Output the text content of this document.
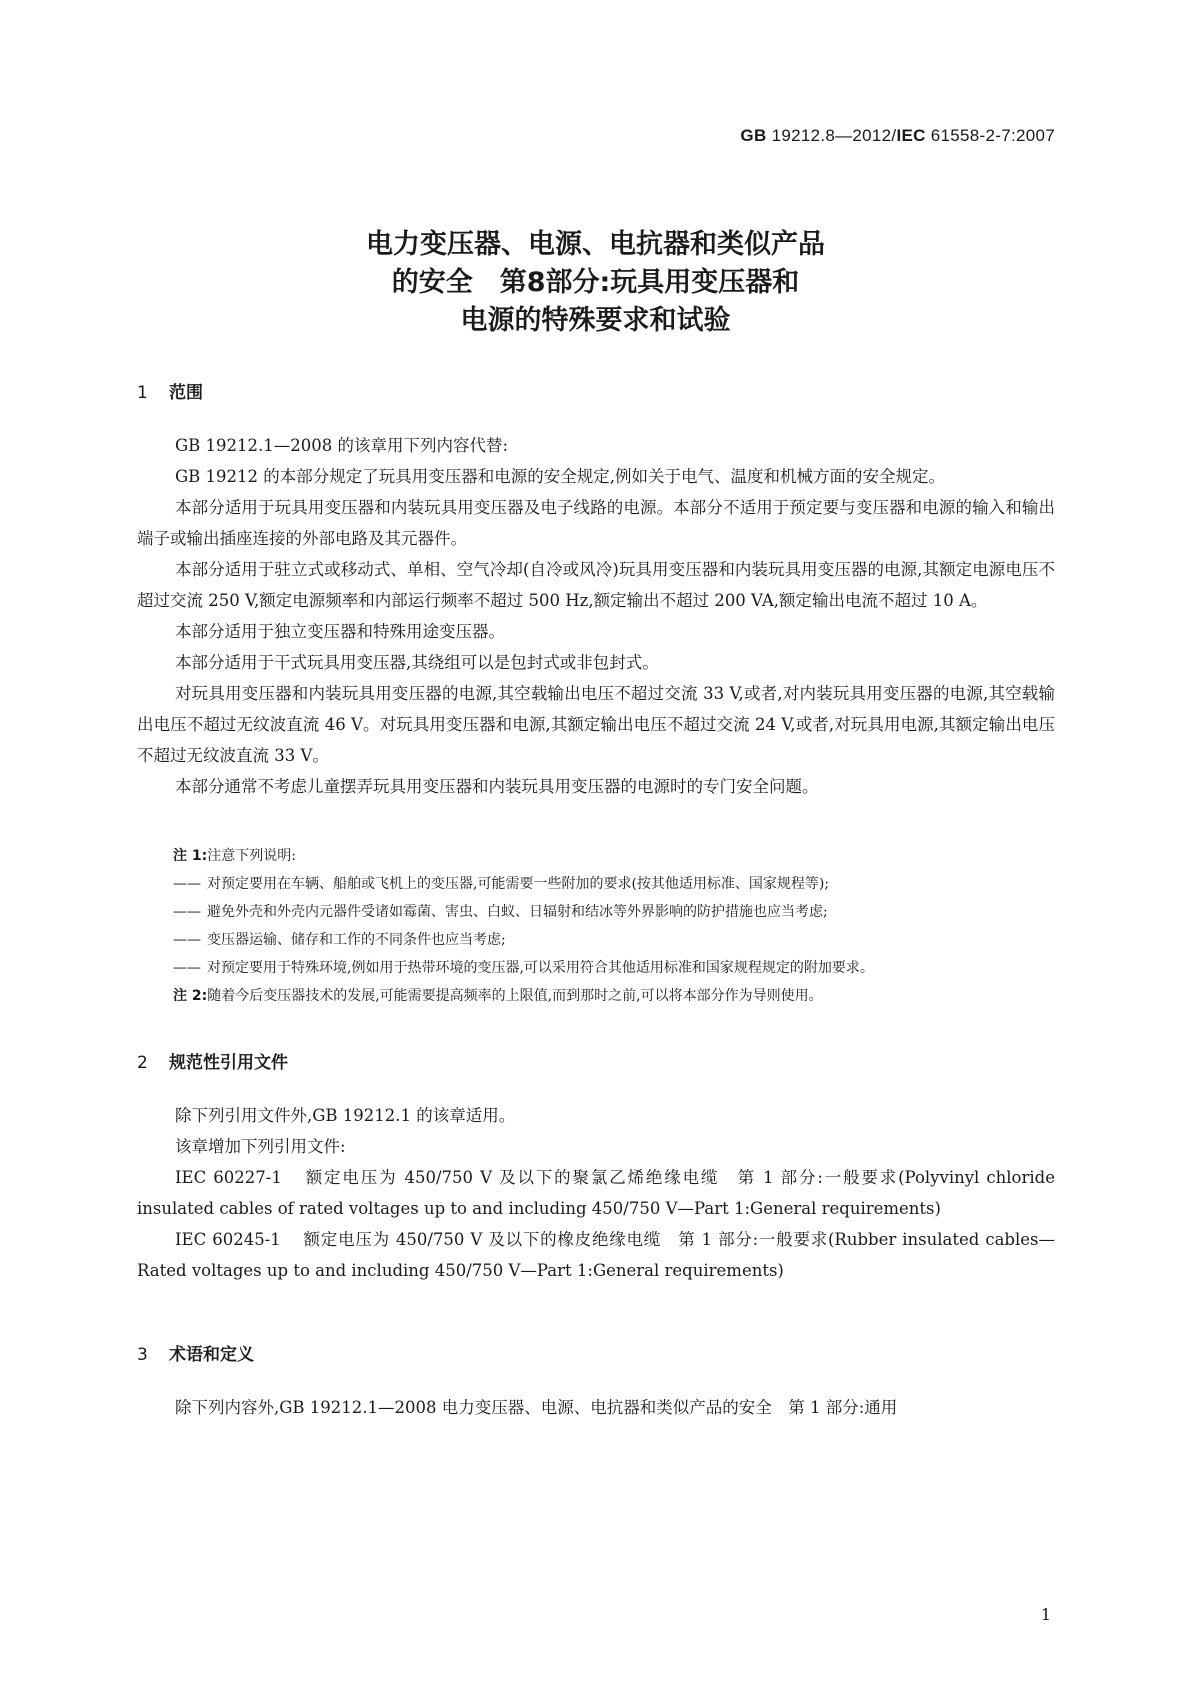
GB 19212.8—2012/IEC 61558-2-7:2007
电力变压器、电源、电抗器和类似产品
的安全　第8部分:玩具用变压器和
电源的特殊要求和试验
1 范围
GB 19212.1—2008 的该章用下列内容代替:
GB 19212 的本部分规定了玩具用变压器和电源的安全规定,例如关于电气、温度和机械方面的安全规定。
本部分适用于玩具用变压器和内装玩具用变压器及电子线路的电源。本部分不适用于预定要与变压器和电源的输入和输出端子或输出插座连接的外部电路及其元器件。
本部分适用于驻立式或移动式、单相、空气冷却(自冷或风冷)玩具用变压器和内装玩具用变压器的电源,其额定电源电压不超过交流 250 V,额定电源频率和内部运行频率不超过 500 Hz,额定输出不超过 200 VA,额定输出电流不超过 10 A。
本部分适用于独立变压器和特殊用途变压器。
本部分适用于干式玩具用变压器,其绕组可以是包封式或非包封式。
对玩具用变压器和内装玩具用变压器的电源,其空载输出电压不超过交流 33 V,或者,对内装玩具用变压器的电源,其空载输出电压不超过无纹波直流 46 V。对玩具用变压器和电源,其额定输出电压不超过交流 24 V,或者,对玩具用电源,其额定输出电压不超过无纹波直流 33 V。
本部分通常不考虑儿童摆弄玩具用变压器和内装玩具用变压器的电源时的专门安全问题。
注 1:注意下列说明:
—— 对预定要用在车辆、船舶或飞机上的变压器,可能需要一些附加的要求(按其他适用标准、国家规程等);
—— 避免外壳和外壳内元器件受诸如霉菌、害虫、白蚁、日辐射和结冰等外界影响的防护措施也应当考虑;
—— 变压器运输、储存和工作的不同条件也应当考虑;
—— 对预定要用于特殊环境,例如用于热带环境的变压器,可以采用符合其他适用标准和国家规程规定的附加要求。
注 2:随着今后变压器技术的发展,可能需要提高频率的上限值,而到那时之前,可以将本部分作为导则使用。
2 规范性引用文件
除下列引用文件外,GB 19212.1 的该章适用。
该章增加下列引用文件:
IEC 60227-1 额定电压为 450/750 V 及以下的聚氯乙烯绝缘电缆　第 1 部分:一般要求(Polyvinyl chloride insulated cables of rated voltages up to and including 450/750 V—Part 1:General requirements)
IEC 60245-1 额定电压为 450/750 V 及以下的橡皮绝缘电缆　第 1 部分:一般要求(Rubber insulated cables—Rated voltages up to and including 450/750 V—Part 1:General requirements)
3 术语和定义
除下列内容外,GB 19212.1—2008 电力变压器、电源、电抗器和类似产品的安全　第 1 部分:通用
1
